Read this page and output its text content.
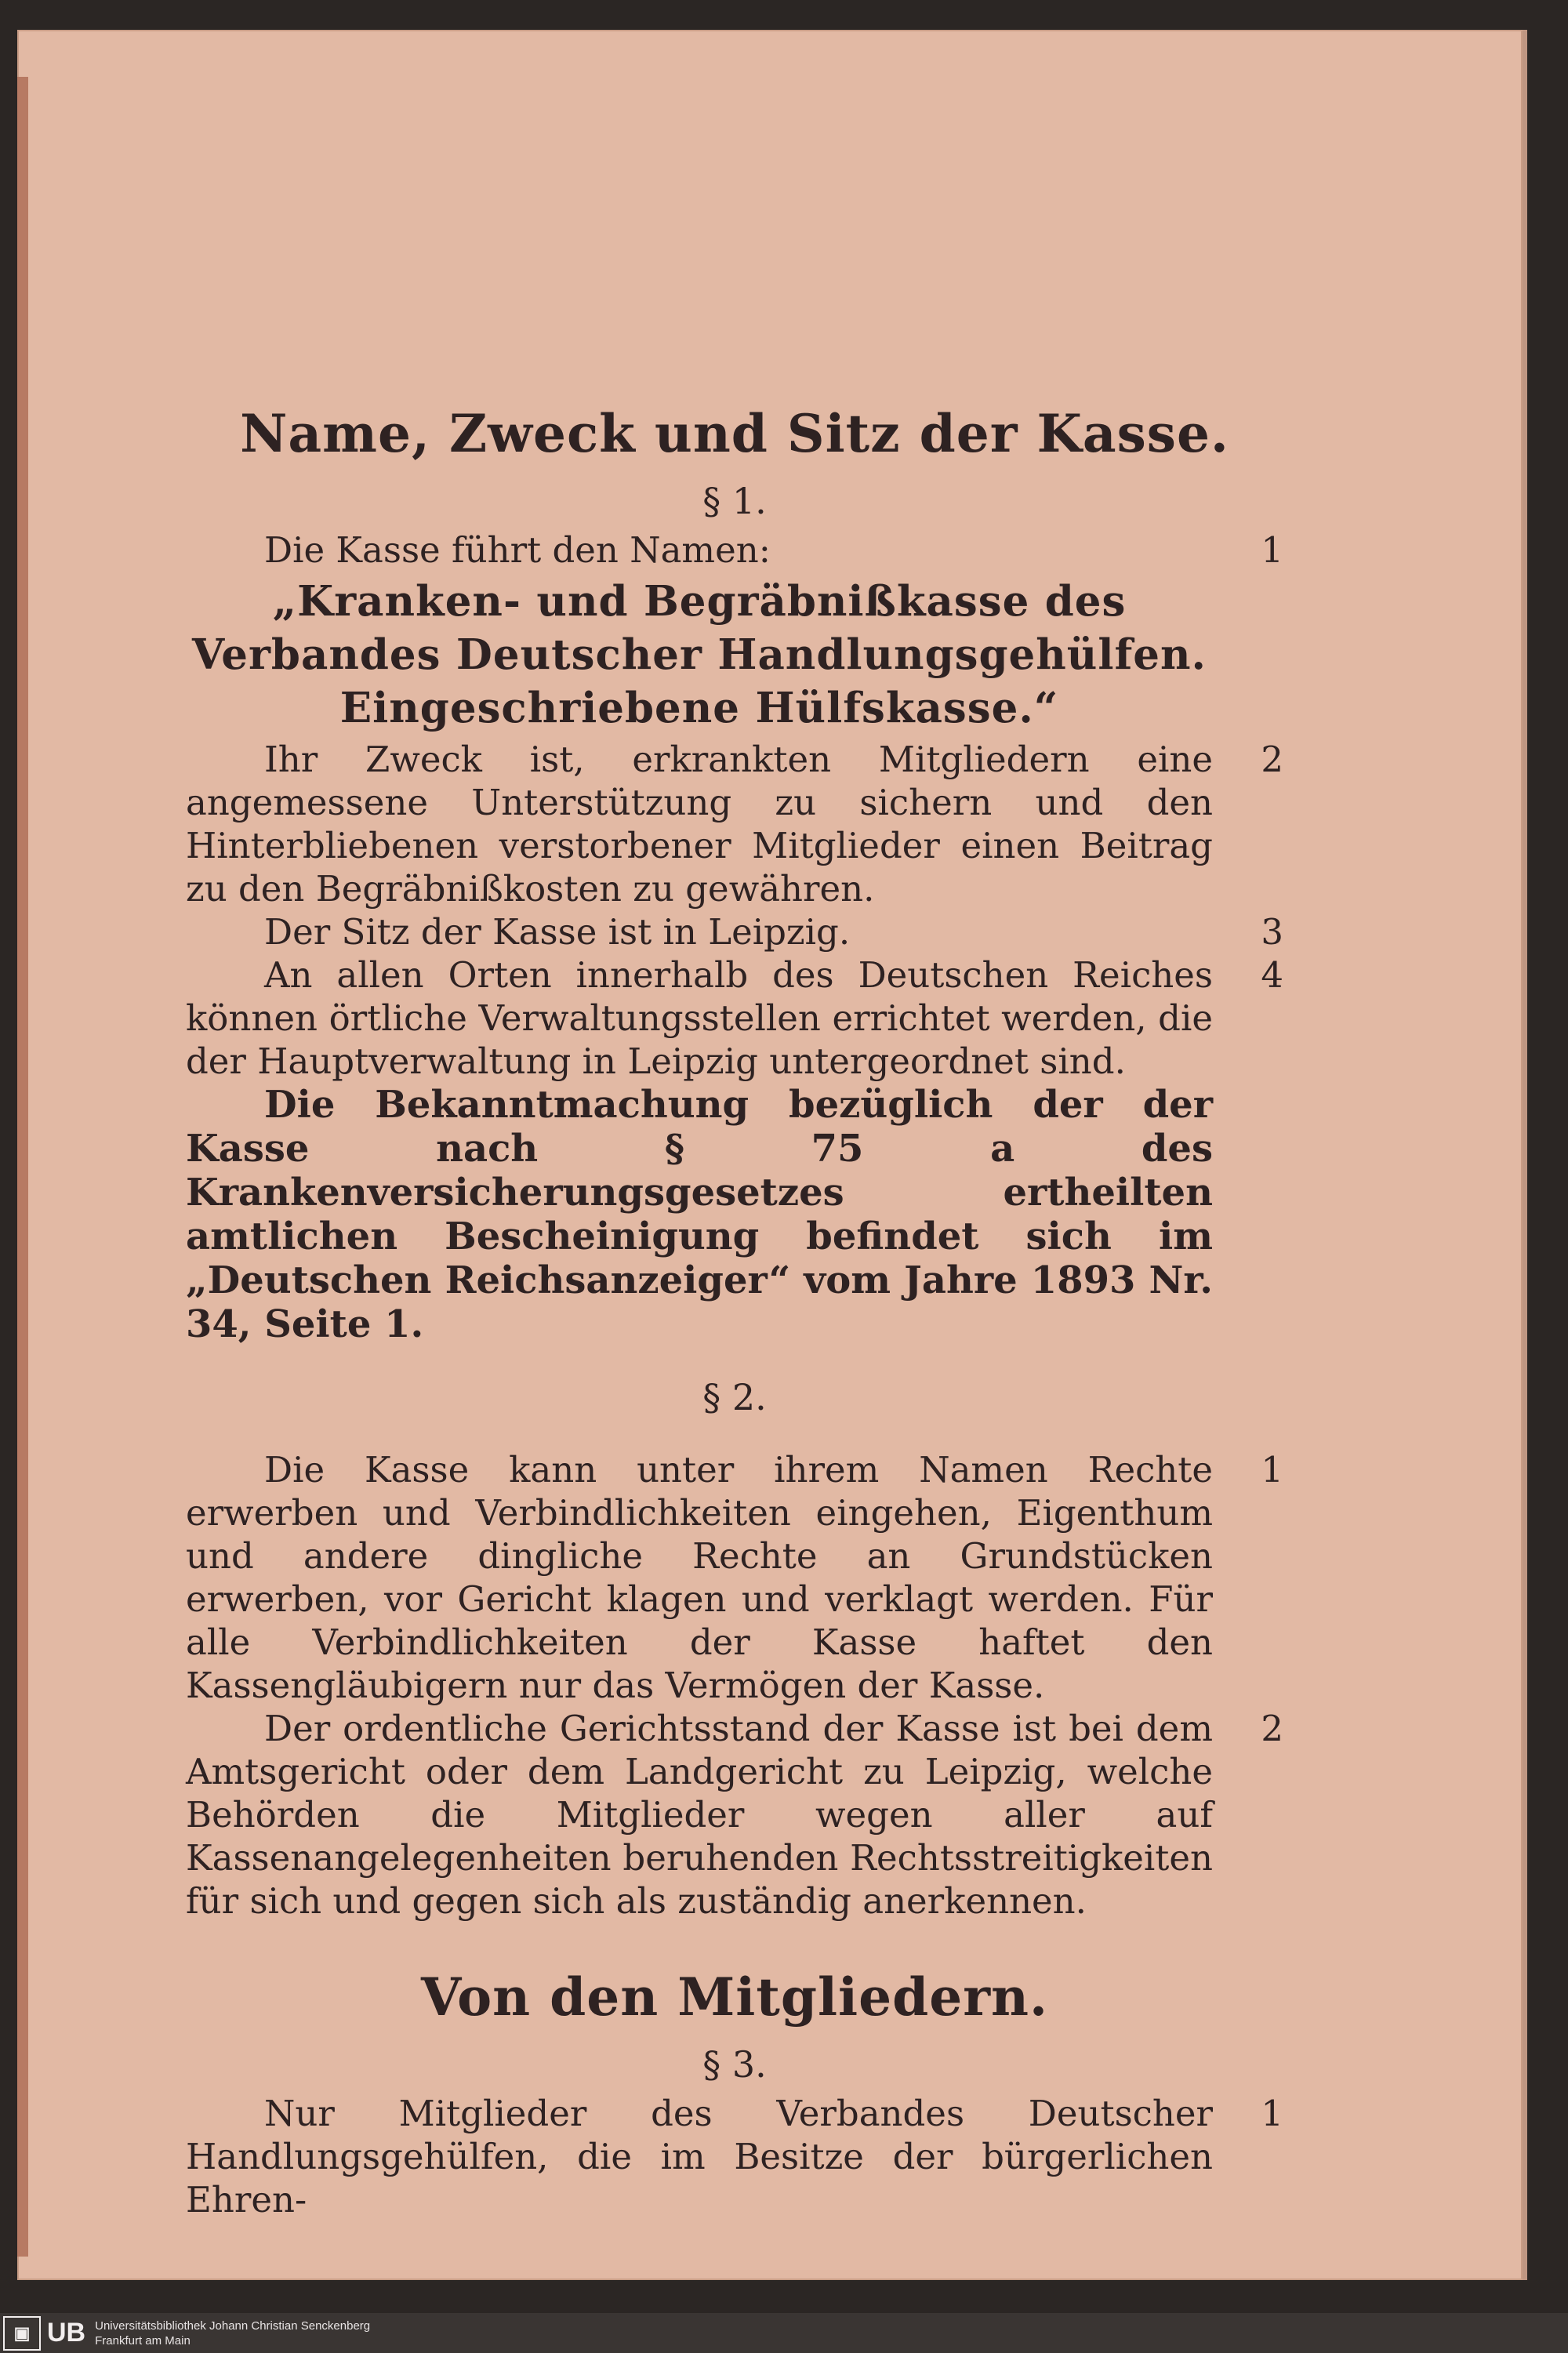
Name, Zweck und Sitz der Kasse.

§ 1.

Die Kasse führt den Namen:	1
„Kranken- und Begräbnißkasse des
Verbandes Deutscher Handlungsgehülfen.
Eingeschriebene Hülfskasse.“
Ihr Zweck ist, erkrankten Mitgliedern eine angemessene Unterstützung zu sichern und den Hinterbliebenen verstorbener Mitglieder einen Beitrag zu den Begräbnißkosten zu gewähren.
2
Der Sitz der Kasse ist in Leipzig.	3
An allen Orten innerhalb des Deutschen Reiches können örtliche Verwaltungsstellen errichtet werden, die der Hauptverwaltung in Leipzig untergeordnet sind.
4
Die Bekanntmachung bezüglich der der Kasse nach § 75 a des Krankenversicherungsgesetzes ertheilten amtlichen Bescheinigung befindet sich im „Deutschen Reichsanzeiger“ vom Jahre 1893 Nr. 34, Seite 1.

§ 2.

Die Kasse kann unter ihrem Namen Rechte erwerben und Verbindlichkeiten eingehen, Eigenthum und andere dingliche Rechte an Grundstücken erwerben, vor Gericht klagen und verklagt werden. Für alle Verbindlichkeiten der Kasse haftet den Kassengläubigern nur das Vermögen der Kasse.
1
Der ordentliche Gerichtsstand der Kasse ist bei dem Amtsgericht oder dem Landgericht zu Leipzig, welche Behörden die Mitglieder wegen aller auf Kassenangelegenheiten beruhenden Rechtsstreitigkeiten für sich und gegen sich als zuständig anerkennen.
2
Von den Mitgliedern.

§ 3.

Nur Mitglieder des Verbandes Deutscher Handlungsgehülfen, die im Besitze der bürgerlichen Ehren-
1
▣ UB Universitätsbibliothek Johann Christian Senckenberg
Frankfurt am Main
